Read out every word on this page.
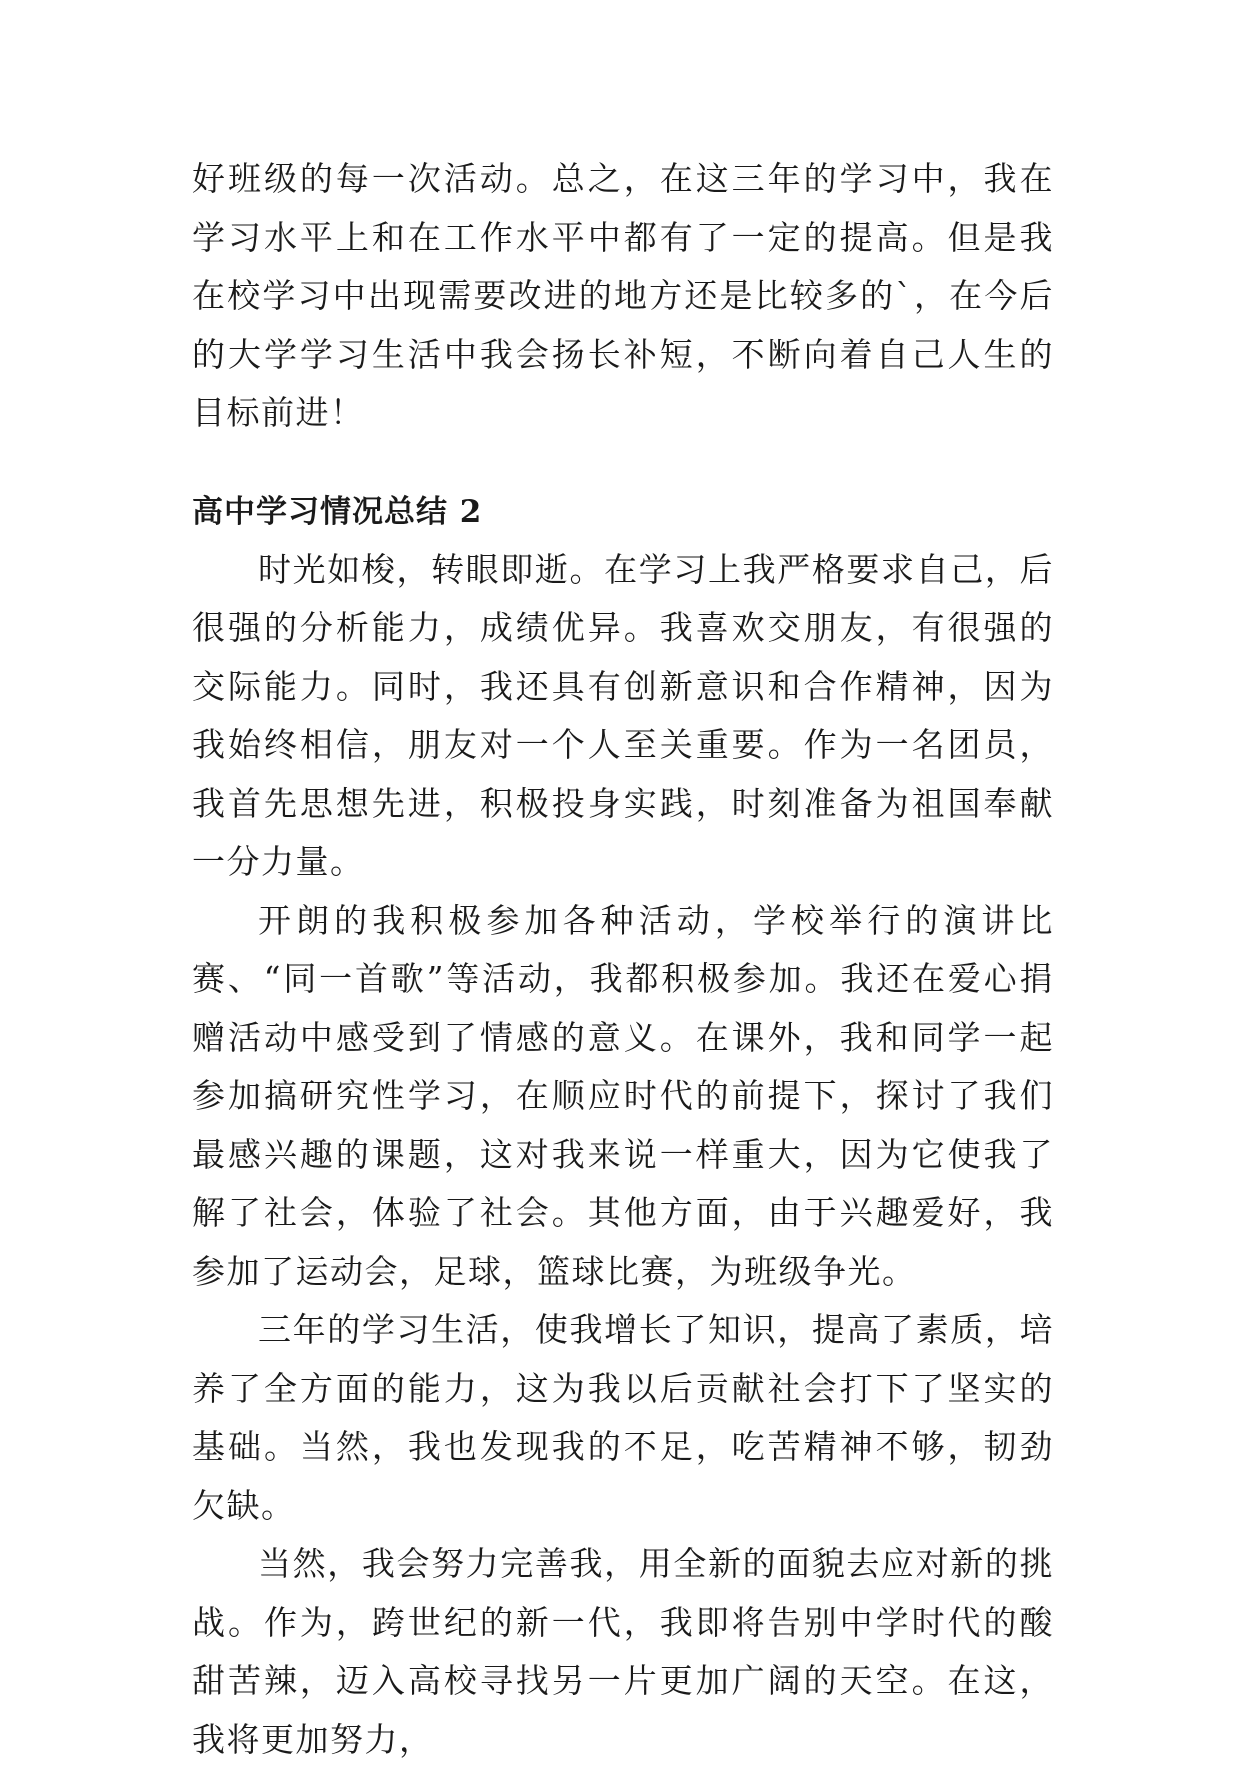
好班级的每一次活动。总之，在这三年的学习中，我在学习水平上和在工作水平中都有了一定的提高。但是我在校学习中出现需要改进的地方还是比较多的`，在今后的大学学习生活中我会扬长补短，不断向着自己人生的目标前进！

高中学习情况总结 2

时光如梭，转眼即逝。在学习上我严格要求自己，后很强的分析能力，成绩优异。我喜欢交朋友，有很强的交际能力。同时，我还具有创新意识和合作精神，因为我始终相信，朋友对一个人至关重要。作为一名团员，我首先思想先进，积极投身实践，时刻准备为祖国奉献一分力量。

开朗的我积极参加各种活动，学校举行的演讲比赛、“同一首歌”等活动，我都积极参加。我还在爱心捐赠活动中感受到了情感的意义。在课外，我和同学一起参加搞研究性学习，在顺应时代的前提下，探讨了我们最感兴趣的课题，这对我来说一样重大，因为它使我了解了社会，体验了社会。其他方面，由于兴趣爱好，我参加了运动会，足球，篮球比赛，为班级争光。

三年的学习生活，使我增长了知识，提高了素质，培养了全方面的能力，这为我以后贡献社会打下了坚实的基础。当然，我也发现我的不足，吃苦精神不够，韧劲欠缺。

当然，我会努力完善我，用全新的面貌去应对新的挑战。作为，跨世纪的新一代，我即将告别中学时代的酸甜苦辣，迈入高校寻找另一片更加广阔的天空。在这，我将更加努力，
